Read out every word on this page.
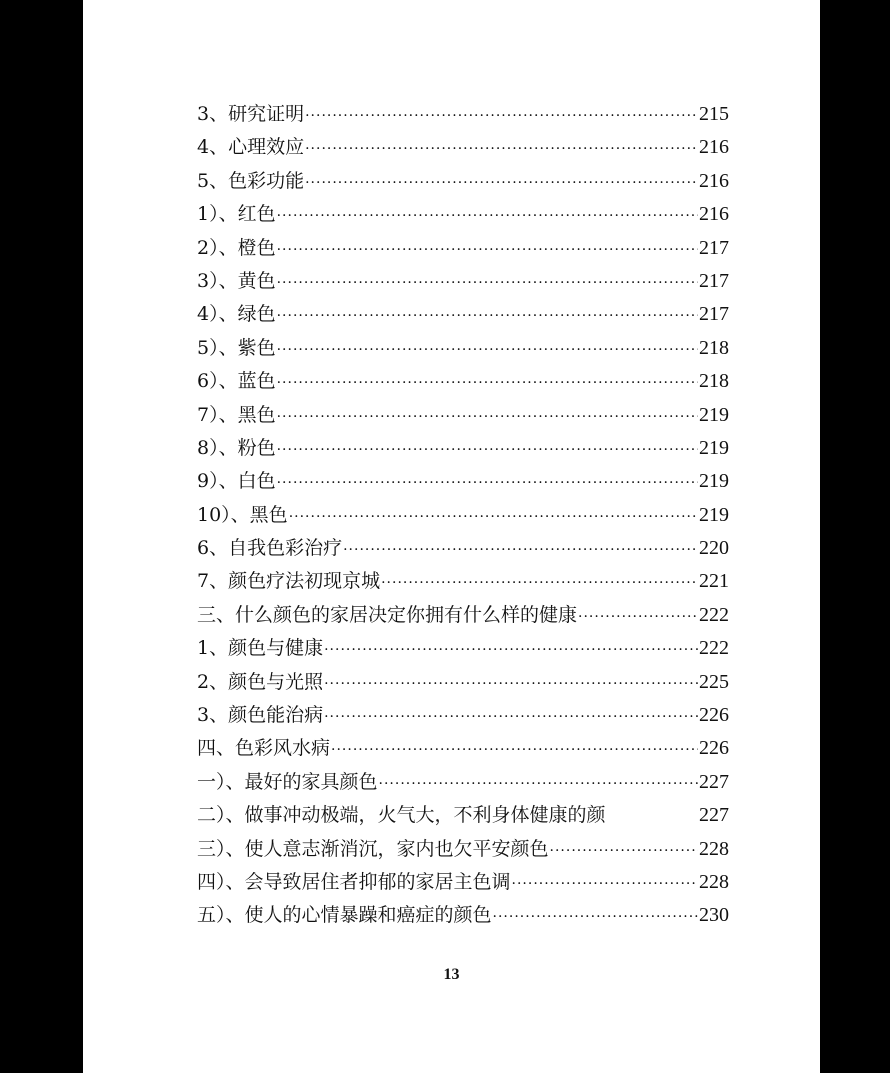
3、研究证明 ·····	215
4、心理效应 ·····	216
5、色彩功能 ·····	216
1）、红色 ·····	216
2）、橙色 ·····	217
3）、黄色 ·····	217
4）、绿色 ·····	217
5）、紫色 ·····	218
6）、蓝色 ·····	218
7）、黑色 ·····	219
8）、粉色 ·····	219
9）、白色 ·····	219
10）、黑色 ·····	219
6、自我色彩治疗 ·····	220
7、颜色疗法初现京城 ·····	221
三、什么颜色的家居决定你拥有什么样的健康 ·····	222
1、颜色与健康 ·····	222
2、颜色与光照 ·····	225
3、颜色能治病 ·····	226
四、色彩风水病 ·····	226
一）、最好的家具颜色 ·····	227
二）、做事冲动极端，火气大，不利身体健康的颜	227
三）、使人意志渐消沉，家内也欠平安颜色 ·····	228
四）、会导致居住者抑郁的家居主色调 ·····	228
五）、使人的心情暴躁和癌症的颜色 ·····	230
13
